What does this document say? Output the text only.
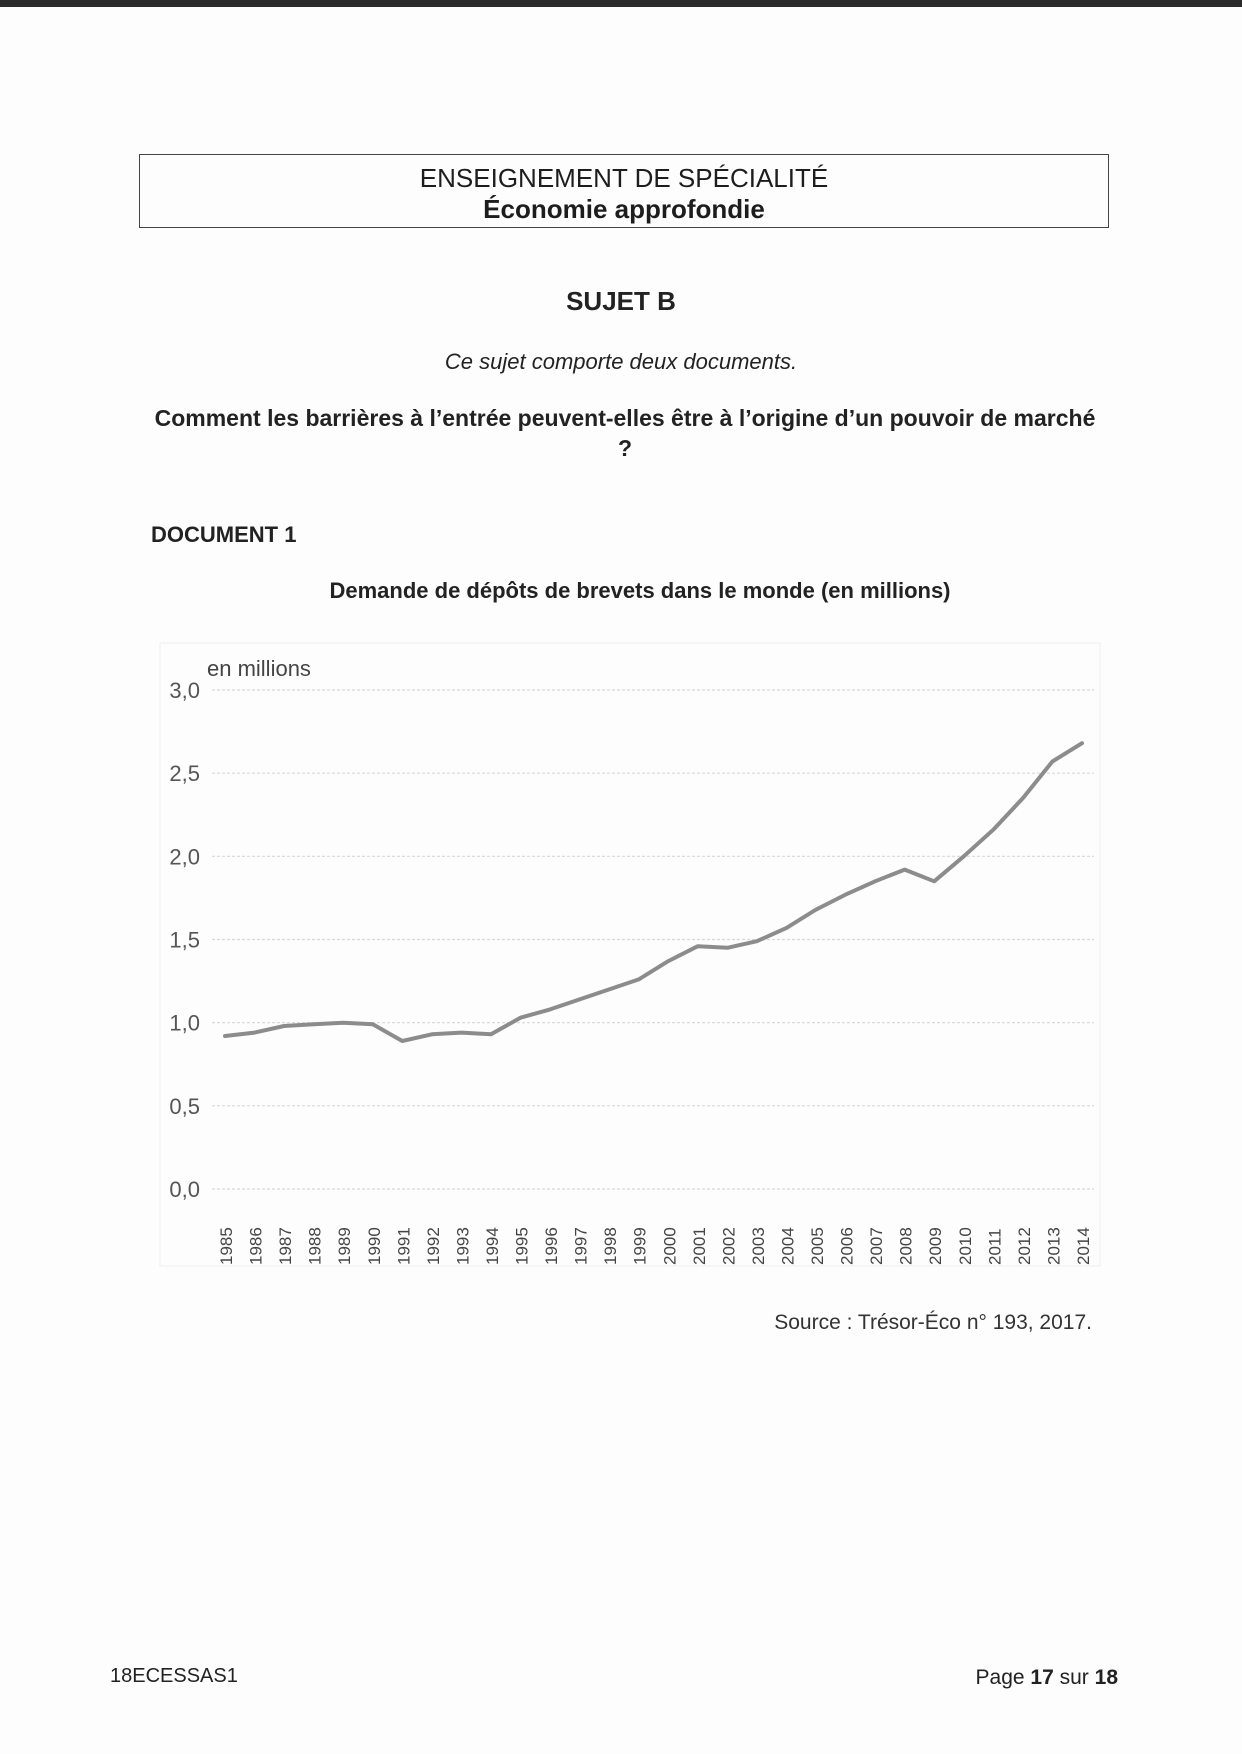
ENSEIGNEMENT DE SPÉCIALITÉ
Économie approfondie
SUJET B
Ce sujet comporte deux documents.
Comment les barrières à l’entrée peuvent-elles être à l’origine d’un pouvoir de marché ?
DOCUMENT 1
Demande de dépôts de brevets dans le monde (en millions)
0,0
0,5
1,0
1,5
2,0
2,5
3,0
1985 1986 1987 1988 1989 1990 1991 1992 1993 1994 1995 1996 1997 1998 1999 2000 2001 2002 2003 2004 2005 2006 2007 2008 2009 2010 2011 2012 2013 2014
en millions
Source : Trésor-Éco n° 193, 2017.
18ECESSAS1	Page 17 sur 18
